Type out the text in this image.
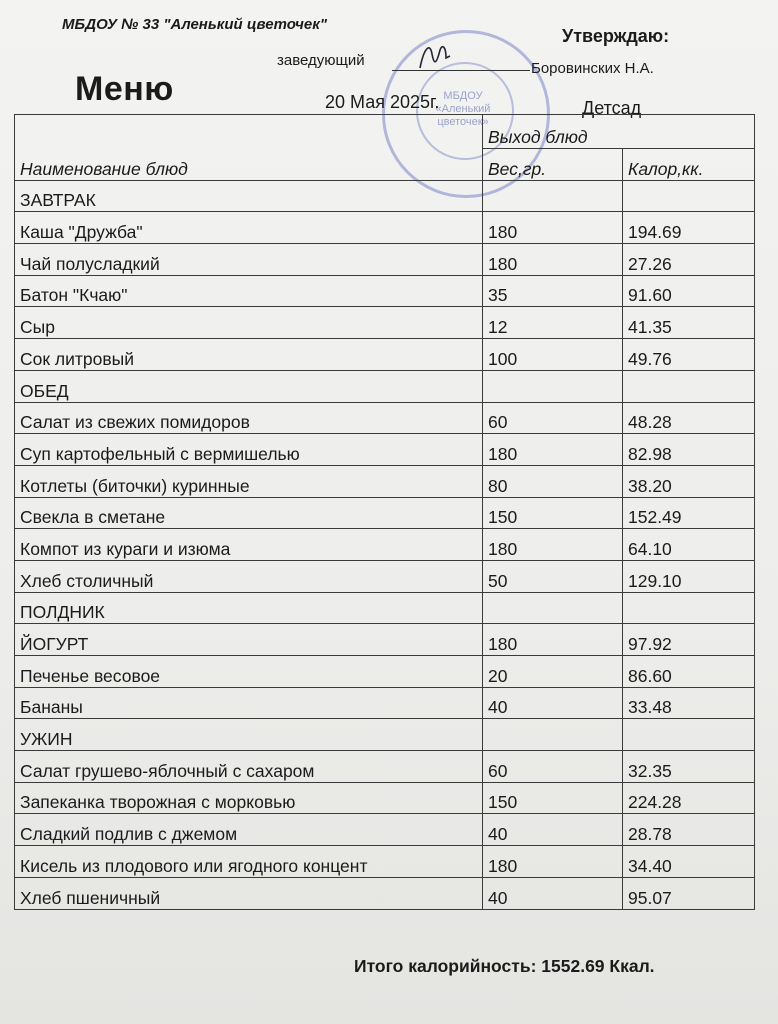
МБДОУ «Аленький цветочек»
МБДОУ № 33 "Аленький цветочек"
Утверждаю:
заведующий	Боровинских Н.А.
Меню	20 Мая 2025г.	Детсад
Наименование блюд	Выход блюд	
	Вес,гр.	Калор,кк.
ЗАВТРАК		
Каша "Дружба"	180	194.69
Чай полусладкий	180	27.26
Батон "Кчаю"	35	91.60
Сыр	12	41.35
Сок литровый	100	49.76
ОБЕД		
Салат из свежих помидоров	60	48.28
Суп картофельный с вермишелью	180	82.98
Котлеты (биточки) куринные	80	38.20
Свекла в сметане	150	152.49
Компот из кураги и изюма	180	64.10
Хлеб столичный	50	129.10
ПОЛДНИК		
ЙОГУРТ	180	97.92
Печенье весовое	20	86.60
Бананы	40	33.48
УЖИН		
Салат грушево-яблочный с сахаром	60	32.35
Запеканка творожная с морковью	150	224.28
Сладкий подлив с джемом	40	28.78
Кисель из плодового или ягодного концент	180	34.40
Хлеб пшеничный	40	95.07
Итого калорийность: 1552.69 Ккал.
